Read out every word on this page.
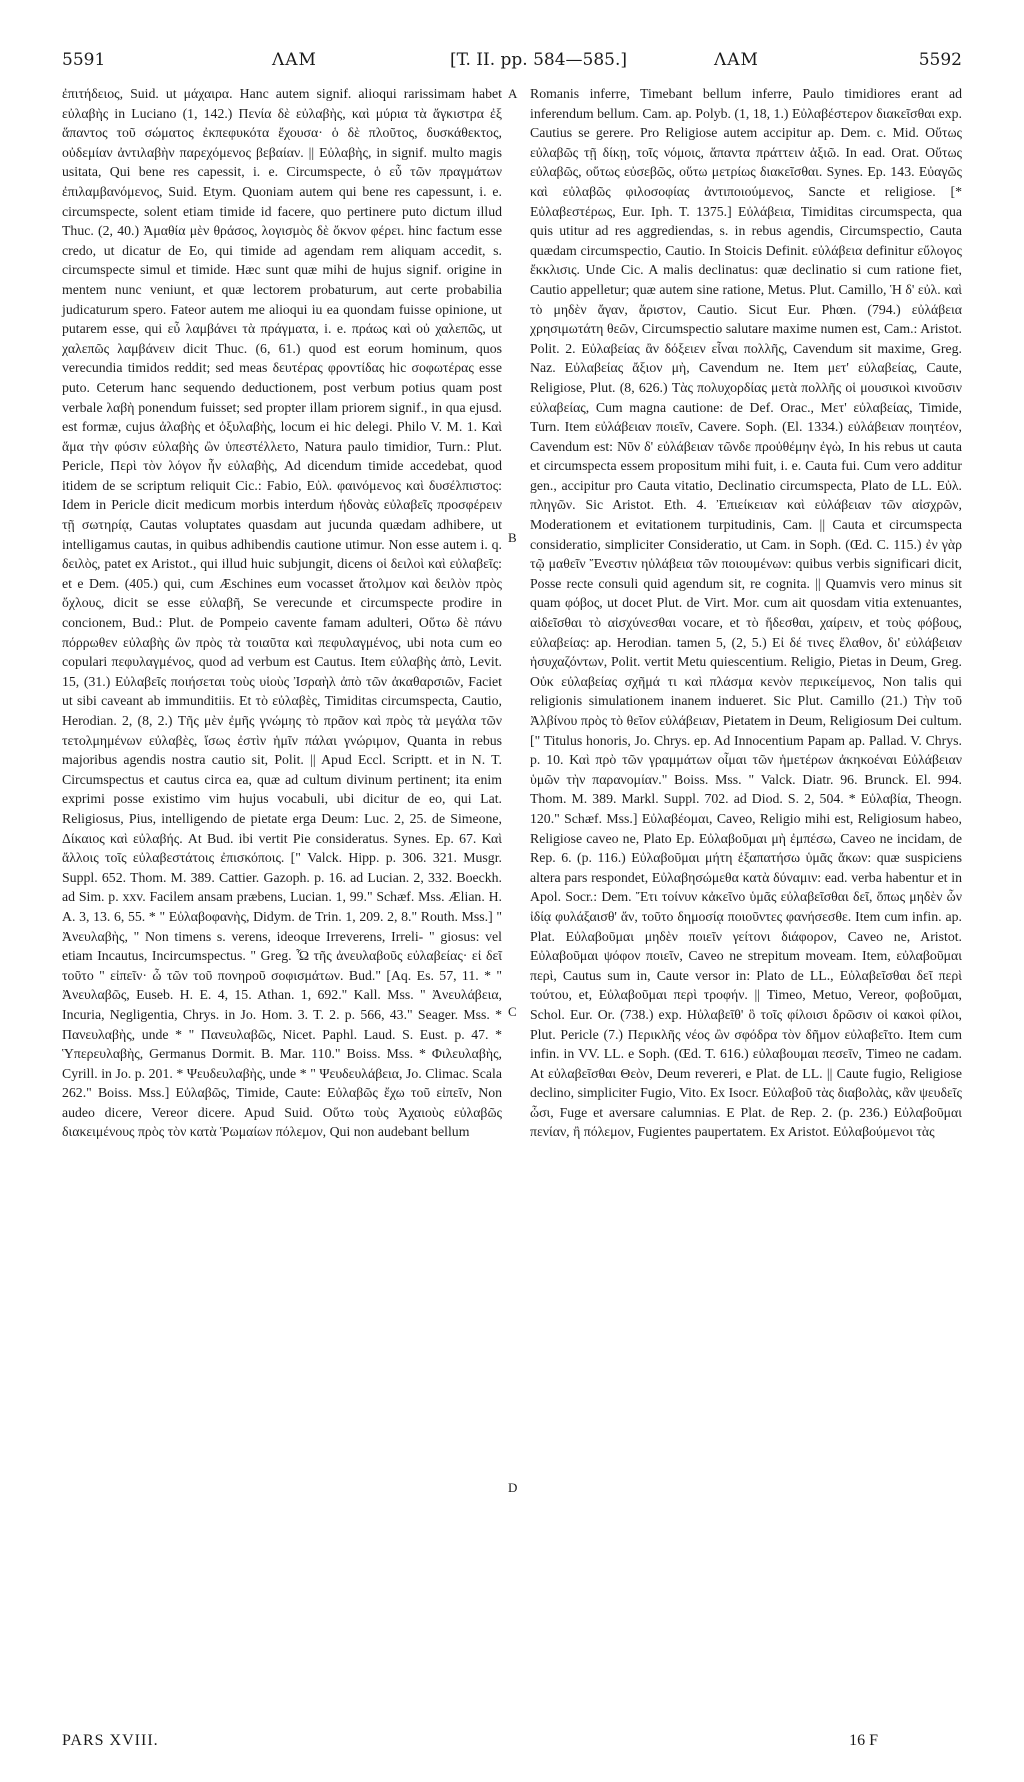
5591	ΛΑΜ	[T. II. pp. 584—585.]	ΛΑΜ	5592

ἐπιτήδειος, Suid. ut μάχαιρα. Hanc autem signif. alioqui rarissimam habet εὐλαβὴς in Luciano (1, 142.) Πενία δὲ εὐλαβὴς, καὶ μύρια τὰ ἄγκιστρα ἐξ ἅπαντος τοῦ σώματος ἐκπεφυκότα ἔχουσα· ὁ δὲ πλοῦτος, δυσκάθεκτος, οὐδεμίαν ἀντιλαβὴν παρεχόμενος βεβαίαν. || Εὐλαβὴς, in signif. multo magis usitata, Qui bene res capessit, i. e. Circumspecte, ὁ εὖ τῶν πραγμάτων ἐπιλαμβανόμενος, Suid. Etym. Quoniam autem qui bene res capessunt, i. e. circumspecte, solent etiam timide id facere, quo pertinere puto dictum illud Thuc. (2, 40.) Ἀμαθία μὲν θράσος, λογισμὸς δὲ ὄκνον φέρει. hinc factum esse credo, ut dicatur de Eo, qui timide ad agendam rem aliquam accedit, s. circumspecte simul et timide. Hæc sunt quæ mihi de hujus signif. origine in mentem nunc veniunt, et quæ lectorem probaturum, aut certe probabilia judicaturum spero. Fateor autem me alioqui iu ea quondam fuisse opinione, ut putarem esse, qui εὖ λαμβάνει τὰ πράγματα, i. e. πράως καὶ οὐ χαλεπῶς, ut χαλεπῶς λαμβάνειν dicit Thuc. (6, 61.) quod est eorum hominum, quos verecundia timidos reddit; sed meas δευτέρας φροντίδας hic σοφωτέρας esse puto. Ceterum hanc sequendo deductionem, post verbum potius quam post verbale λαβὴ ponendum fuisset; sed propter illam priorem signif., in qua ejusd. est formæ, cujus ἀλαβὴς et ὀξυλαβὴς, locum ei hic delegi. Philo V. M. 1. Καὶ ἅμα τὴν φύσιν εὐλαβὴς ὢν ὑπεστέλλετο, Natura paulo timidior, Turn.: Plut. Pericle, Περὶ τὸν λόγον ἦν εὐλαβὴς, Ad dicendum timide accedebat, quod itidem de se scriptum reliquit Cic.: Fabio, Εὐλ. φαινόμενος καὶ δυσέλπιστος: Idem in Pericle dicit medicum morbis interdum ἡδονὰς εὐλαβεῖς προσφέρειν τῇ σωτηρίᾳ, Cautas voluptates quasdam aut jucunda quædam adhibere, ut intelligamus cautas, in quibus adhibendis cautione utimur. Non esse autem i. q. δειλὸς, patet ex Aristot., qui illud huic subjungit, dicens οἱ δειλοὶ καὶ εὐλαβεῖς: et e Dem. (405.) qui, cum Æschines eum vocasset ἄτολμον καὶ δειλὸν πρὸς ὄχλους, dicit se esse εὐλαβῆ, Se verecunde et circumspecte prodire in concionem, Bud.: Plut. de Pompeio cavente famam adulteri, Οὕτω δὲ πάνυ πόρρωθεν εὐλαβὴς ὢν πρὸς τὰ τοιαῦτα καὶ πεφυλαγμένος, ubi nota cum eo copulari πεφυλαγμένος, quod ad verbum est Cautus. Item εὐλαβὴς ἀπὸ, Levit. 15, (31.) Εὐλαβεῖς ποιήσεται τοὺς υἱοὺς Ἰσραὴλ ἀπὸ τῶν ἀκαθαρσιῶν, Faciet ut sibi caveant ab immunditiis. Et τὸ εὐλαβὲς, Timiditas circumspecta, Cautio, Herodian. 2, (8, 2.) Τῆς μὲν ἐμῆς γνώμης τὸ πρᾶον καὶ πρὸς τὰ μεγάλα τῶν τετολμημένων εὐλαβὲς, ἴσως ἐστὶν ἡμῖν πάλαι γνώριμον, Quanta in rebus majoribus agendis nostra cautio sit, Polit. || Apud Eccl. Scriptt. et in N. T. Circumspectus et cautus circa ea, quæ ad cultum divinum pertinent; ita enim exprimi posse existimo vim hujus vocabuli, ubi dicitur de eo, qui Lat. Religiosus, Pius, intelligendo de pietate erga Deum: Luc. 2, 25. de Simeone, Δίκαιος καὶ εὐλαβής. At Bud. ibi vertit Pie consideratus. Synes. Ep. 67. Καὶ ἄλλοις τοῖς εὐλαβεστάτοις ἐπισκόποις. [" Valck. Hipp. p. 306. 321. Musgr. Suppl. 652. Thom. M. 389. Cattier. Gazoph. p. 16. ad Lucian. 2, 332. Boeckh. ad Sim. p. xxv. Facilem ansam præbens, Lucian. 1, 99." Schæf. Mss. Ælian. H. A. 3, 13. 6, 55. * " Εὐλαβοφανὴς, Didym. de Trin. 1, 209. 2, 8." Routh. Mss.] " Ἀνευλαβὴς, " Non timens s. verens, ideoque Irreverens, Irreli- " giosus: vel etiam Incautus, Incircumspectus. " Greg. Ὦ τῆς ἀνευλαβοῦς εὐλαβείας· εἰ δεῖ τοῦτο " εἰπεῖν· ὦ τῶν τοῦ πονηροῦ σοφισμάτων. Bud." [Aq. Es. 57, 11. * " Ἀνευλαβῶς, Euseb. H. E. 4, 15. Athan. 1, 692." Kall. Mss. " Ἀνευλάβεια, Incuria, Negligentia, Chrys. in Jo. Hom. 3. T. 2. p. 566, 43." Seager. Mss. * Πανευλαβὴς, unde * " Πανευλαβῶς, Nicet. Paphl. Laud. S. Eust. p. 47. * Ὑπερευλαβὴς, Germanus Dormit. B. Mar. 110." Boiss. Mss. * Φιλευλαβὴς, Cyrill. in Jo. p. 201. * Ψευδευλαβὴς, unde * " Ψευδευλάβεια, Jo. Climac. Scala 262." Boiss. Mss.] Εὐλαβῶς, Timide, Caute: Εὐλαβῶς ἔχω τοῦ εἰπεῖν, Non audeo dicere, Vereor dicere. Apud Suid. Οὕτω τοὺς Ἀχαιοὺς εὐλαβῶς διακειμένους πρὸς τὸν κατὰ Ῥωμαίων πόλεμον, Qui non audebant bellum

A
B
C
D

Romanis inferre, Timebant bellum inferre, Paulo timidiores erant ad inferendum bellum. Cam. ap. Polyb. (1, 18, 1.) Εὐλαβέστερον διακεῖσθαι exp. Cautius se gerere. Pro Religiose autem accipitur ap. Dem. c. Mid. Οὕτως εὐλαβῶς τῇ δίκῃ, τοῖς νόμοις, ἅπαντα πράττειν ἀξιῶ. In ead. Orat. Οὕτως εὐλαβῶς, οὕτως εὐσεβῶς, οὕτω μετρίως διακεῖσθαι. Synes. Ep. 143. Εὐαγῶς καὶ εὐλαβῶς φιλοσοφίας ἀντιποιούμενος, Sancte et religiose. [* Εὐλαβεστέρως, Eur. Iph. T. 1375.] Εὐλάβεια, Timiditas circumspecta, qua quis utitur ad res aggrediendas, s. in rebus agendis, Circumspectio, Cauta quædam circumspectio, Cautio. In Stoicis Definit. εὐλάβεια definitur εὔλογος ἔκκλισις. Unde Cic. A malis declinatus: quæ declinatio si cum ratione fiet, Cautio appelletur; quæ autem sine ratione, Metus. Plut. Camillo, Ἡ δ' εὐλ. καὶ τὸ μηδὲν ἄγαν, ἄριστον, Cautio. Sicut Eur. Phœn. (794.) εὐλάβεια χρησιμωτάτη θεῶν, Circumspectio salutare maxime numen est, Cam.: Aristot. Polit. 2. Εὐλαβείας ἂν δόξειεν εἶναι πολλῆς, Cavendum sit maxime, Greg. Naz. Εὐλαβείας ἄξιον μὴ, Cavendum ne. Item μετ' εὐλαβείας, Caute, Religiose, Plut. (8, 626.) Τὰς πολυχορδίας μετὰ πολλῆς οἱ μουσικοὶ κινοῦσιν εὐλαβείας, Cum magna cautione: de Def. Orac., Μετ' εὐλαβείας, Timide, Turn. Item εὐλάβειαν ποιεῖν, Cavere. Soph. (El. 1334.) εὐλάβειαν ποιητέον, Cavendum est: Νῦν δ' εὐλάβειαν τῶνδε προὐθέμην ἐγὼ, In his rebus ut cauta et circumspecta essem propositum mihi fuit, i. e. Cauta fui. Cum vero additur gen., accipitur pro Cauta vitatio, Declinatio circumspecta, Plato de LL. Εὐλ. πληγῶν. Sic Aristot. Eth. 4. Ἐπιείκειαν καὶ εὐλάβειαν τῶν αἰσχρῶν, Moderationem et evitationem turpitudinis, Cam. || Cauta et circumspecta consideratio, simpliciter Consideratio, ut Cam. in Soph. (Œd. C. 115.) ἐν γὰρ τῷ μαθεῖν Ἔνεστιν ηὑλάβεια τῶν ποιουμένων: quibus verbis significari dicit, Posse recte consuli quid agendum sit, re cognita. || Quamvis vero minus sit quam φόβος, ut docet Plut. de Virt. Mor. cum ait quosdam vitia extenuantes, αἰδεῖσθαι τὸ αἰσχύνεσθαι vocare, et τὸ ἥδεσθαι, χαίρειν, et τοὺς φόβους, εὐλαβείας: ap. Herodian. tamen 5, (2, 5.) Εἰ δέ τινες ἔλαθον, δι' εὐλάβειαν ἡσυχαζόντων, Polit. vertit Metu quiescentium. Religio, Pietas in Deum, Greg. Οὐκ εὐλαβείας σχῆμά τι καὶ πλάσμα κενὸν περικείμενος, Non talis qui religionis simulationem inanem indueret. Sic Plut. Camillo (21.) Τὴν τοῦ Ἀλβίνου πρὸς τὸ θεῖον εὐλάβειαν, Pietatem in Deum, Religiosum Dei cultum. [" Titulus honoris, Jo. Chrys. ep. Ad Innocentium Papam ap. Pallad. V. Chrys. p. 10. Καὶ πρὸ τῶν γραμμάτων οἶμαι τῶν ἡμετέρων ἀκηκοέναι Εὐλάβειαν ὑμῶν τὴν παρανομίαν." Boiss. Mss. " Valck. Diatr. 96. Brunck. El. 994. Thom. M. 389. Markl. Suppl. 702. ad Diod. S. 2, 504. * Εὐλαβία, Theogn. 120." Schæf. Mss.] Εὐλαβέομαι, Caveo, Religio mihi est, Religiosum habeo, Religiose caveo ne, Plato Ep. Εὐλαβοῦμαι μὴ ἐμπέσω, Caveo ne incidam, de Rep. 6. (p. 116.) Εὐλαβοῦμαι μήτη ἐξαπατήσω ὑμᾶς ἄκων: quæ suspiciens altera pars respondet, Εὐλαβησώμεθα κατὰ δύναμιν: ead. verba habentur et in Apol. Socr.: Dem. Ἔτι τοίνυν κἀκεῖνο ὑμᾶς εὐλαβεῖσθαι δεῖ, ὅπως μηδὲν ὧν ἰδίᾳ φυλάξαισθ' ἄν, τοῦτο δημοσίᾳ ποιοῦντες φανήσεσθε. Item cum infin. ap. Plat. Εὐλαβοῦμαι μηδὲν ποιεῖν γείτονι διάφορον, Caveo ne, Aristot. Εὐλαβοῦμαι ψόφον ποιεῖν, Caveo ne strepitum moveam. Item, εὐλαβοῦμαι περὶ, Cautus sum in, Caute versor in: Plato de LL., Εὐλαβεῖσθαι δεῖ περὶ τούτου, et, Εὐλαβοῦμαι περὶ τροφήν. || Timeo, Metuo, Vereor, φοβοῦμαι, Schol. Eur. Or. (738.) exp. Ηὐλαβεῖθ' ὃ τοῖς φίλοισι δρῶσιν οἱ κακοὶ φίλοι, Plut. Pericle (7.) Περικλῆς νέος ὢν σφόδρα τὸν δῆμον εὐλαβεῖτο. Item cum infin. in VV. LL. e Soph. (Œd. T. 616.) εὐλαβουμαι πεσεῖν, Timeo ne cadam. At εὐλαβεῖσθαι Θεὸν, Deum revereri, e Plat. de LL. || Caute fugio, Religiose declino, simpliciter Fugio, Vito. Ex Isocr. Εὐλαβοῦ τὰς διαβολὰς, κἂν ψευδεῖς ὦσι, Fuge et aversare calumnias. E Plat. de Rep. 2. (p. 236.) Εὐλαβοῦμαι πενίαν, ἢ πόλεμον, Fugientes paupertatem. Ex Aristot. Εὐλαβούμενοι τὰς

PARS XVIII.	16 F
